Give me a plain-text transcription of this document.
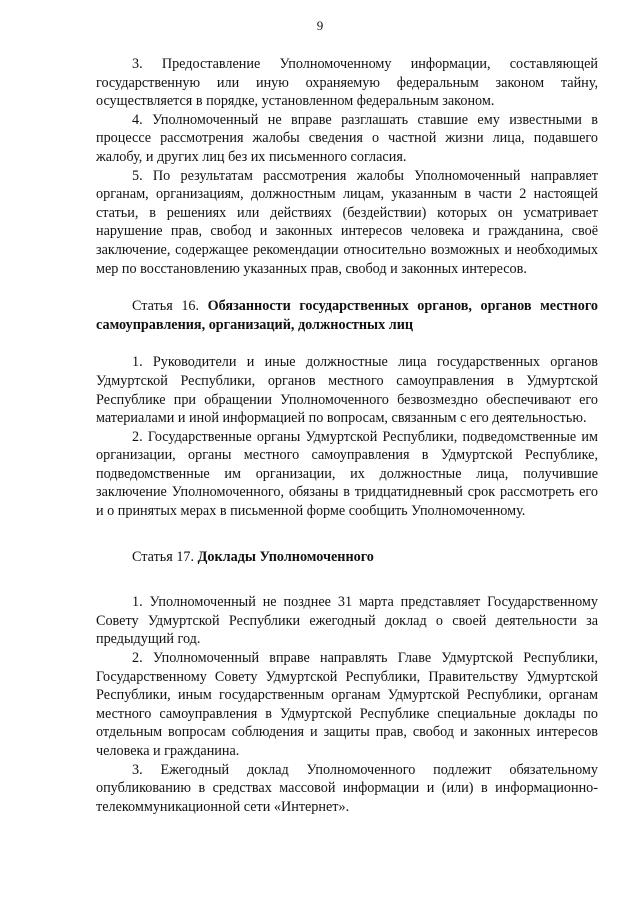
9

3. Предоставление Уполномоченному информации, составляющей государственную или иную охраняемую федеральным законом тайну, осуществляется в порядке, установленном федеральным законом.

4. Уполномоченный не вправе разглашать ставшие ему известными в процессе рассмотрения жалобы сведения о частной жизни лица, подавшего жалобу, и других лиц без их письменного согласия.

5. По результатам рассмотрения жалобы Уполномоченный направляет органам, организациям, должностным лицам, указанным в части 2 настоящей статьи, в решениях или действиях (бездействии) которых он усматривает нарушение прав, свобод и законных интересов человека и гражданина, своё заключение, содержащее рекомендации относительно возможных и необходимых мер по восстановлению указанных прав, свобод и законных интересов.

Статья 16. Обязанности государственных органов, органов местного самоуправления, организаций, должностных лиц

1. Руководители и иные должностные лица государственных органов Удмуртской Республики, органов местного самоуправления в Удмуртской Республике при обращении Уполномоченного безвозмездно обеспечивают его материалами и иной информацией по вопросам, связанным с его деятельностью.

2. Государственные органы Удмуртской Республики, подведомственные им организации, органы местного самоуправления в Удмуртской Республике, подведомственные им организации, их должностные лица, получившие заключение Уполномоченного, обязаны в тридцатидневный срок рассмотреть его и о принятых мерах в письменной форме сообщить Уполномоченному.

Статья 17. Доклады Уполномоченного

1. Уполномоченный не позднее 31 марта представляет Государственному Совету Удмуртской Республики ежегодный доклад о своей деятельности за предыдущий год.

2. Уполномоченный вправе направлять Главе Удмуртской Республики, Государственному Совету Удмуртской Республики, Правительству Удмуртской Республики, иным государственным органам Удмуртской Республики, органам местного самоуправления в Удмуртской Республике специальные доклады по отдельным вопросам соблюдения и защиты прав, свобод и законных интересов человека и гражданина.

3. Ежегодный доклад Уполномоченного подлежит обязательному опубликованию в средствах массовой информации и (или) в информационно-телекоммуникационной сети «Интернет».
